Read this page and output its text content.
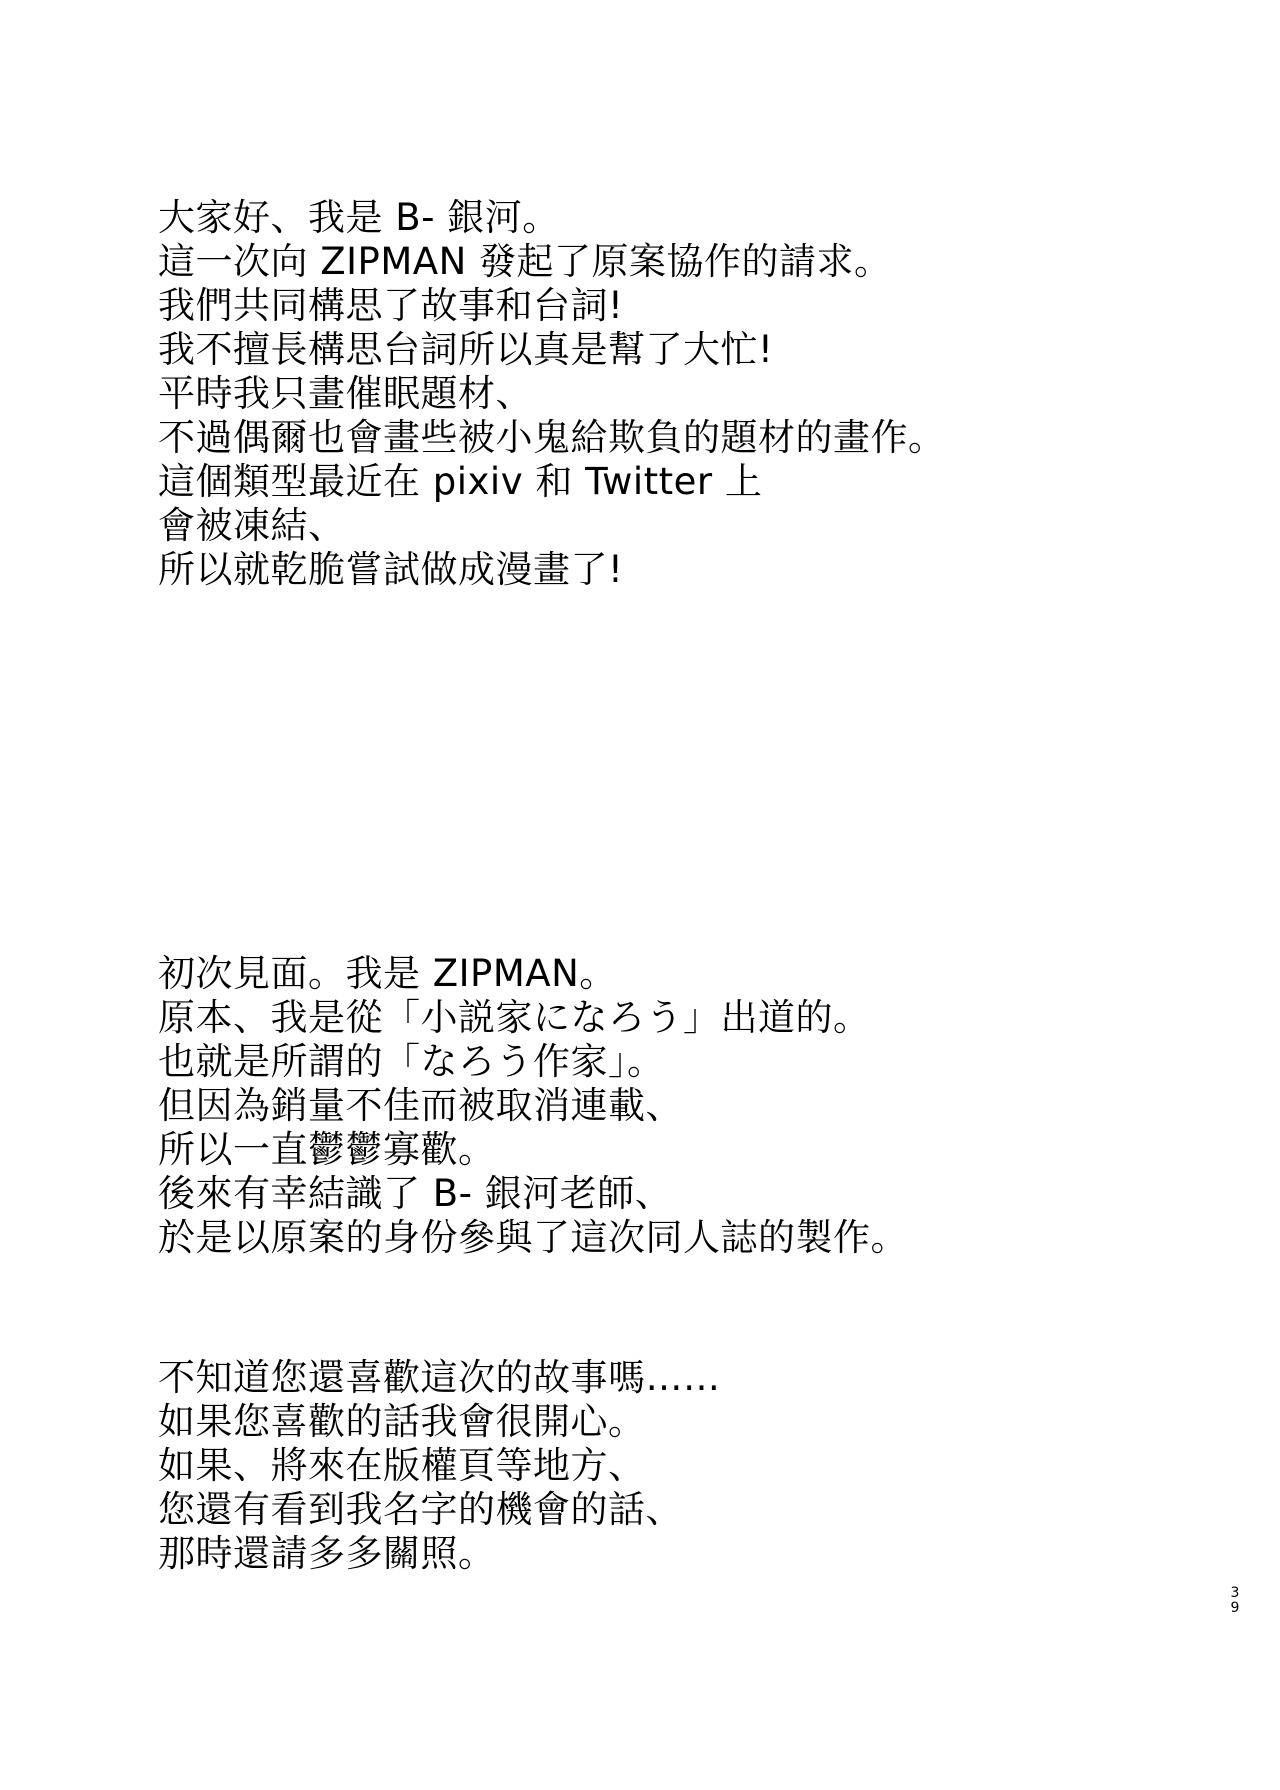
大家好、我是 B- 銀河。
這一次向 ZIPMAN 發起了原案協作的請求。
我們共同構思了故事和台詞!
我不擅長構思台詞所以真是幫了大忙!
平時我只畫催眠題材、
不過偶爾也會畫些被小鬼給欺負的題材的畫作。
這個類型最近在 pixiv 和 Twitter 上
會被凍結、
所以就乾脆嘗試做成漫畫了!
初次見面。我是 ZIPMAN。
原本、我是從「小説家になろう」出道的。
也就是所謂的「なろう作家」。
但因為銷量不佳而被取消連載、
所以一直鬱鬱寡歡。
後來有幸結識了 B- 銀河老師、
於是以原案的身份參與了這次同人誌的製作。
不知道您還喜歡這次的故事嗎……
如果您喜歡的話我會很開心。
如果、將來在版權頁等地方、
您還有看到我名字的機會的話、
那時還請多多關照。
39
